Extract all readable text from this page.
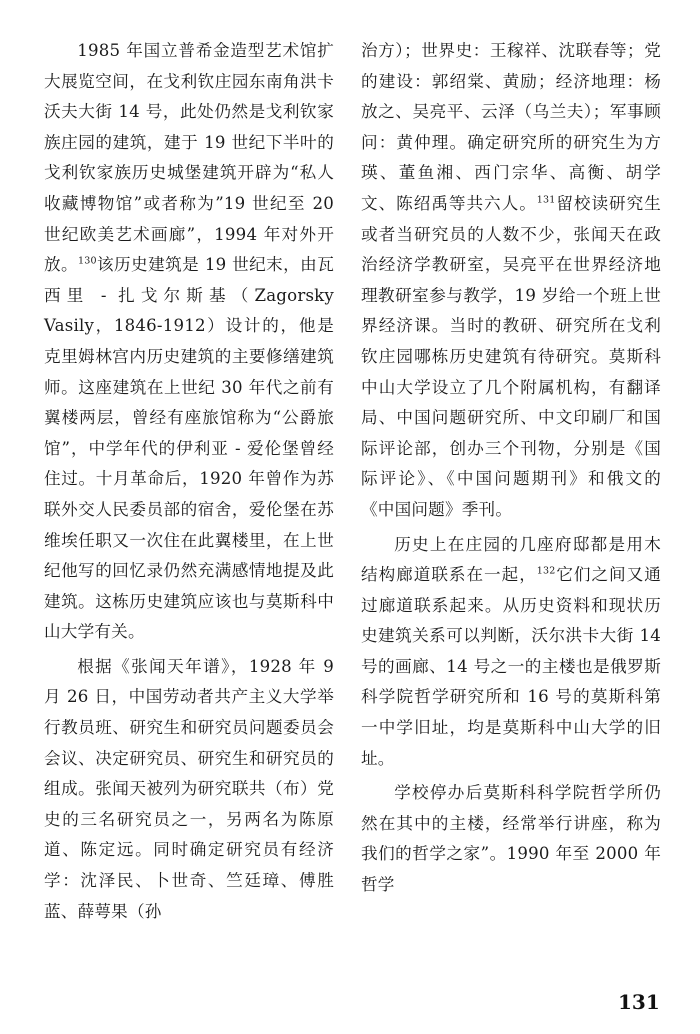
1985 年国立普希金造型艺术馆扩大展览空间，在戈利钦庄园东南角洪卡沃夫大街 14 号，此处仍然是戈利钦家族庄园的建筑，建于 19 世纪下半叶的戈利钦家族历史城堡建筑开辟为“私人收藏博物馆”或者称为”19 世纪至 20 世纪欧美艺术画廊”，1994 年对外开放。$^{130}$该历史建筑是 19 世纪末，由瓦西里 - 扎戈尔斯基（Zagorsky Vasily，1846-1912）设计的，他是克里姆林宫内历史建筑的主要修缮建筑师。这座建筑在上世纪 30 年代之前有翼楼两层，曾经有座旅馆称为“公爵旅馆”，中学年代的伊利亚 - 爱伦堡曾经住过。十月革命后，1920 年曾作为苏联外交人民委员部的宿舍，爱伦堡在苏维埃任职又一次住在此翼楼里，在上世纪他写的回忆录仍然充满感情地提及此建筑。这栋历史建筑应该也与莫斯科中山大学有关。

根据《张闻天年谱》，1928 年 9 月 26 日，中国劳动者共产主义大学举行教员班、研究生和研究员问题委员会会议、决定研究员、研究生和研究员的组成。张闻天被列为研究联共（布）党史的三名研究员之一，另两名为陈原道、陈定远。同时确定研究员有经济学：沈泽民、卜世奇、竺廷璋、傅胜蓝、薛萼果（孙

治方）；世界史：王稼祥、沈联春等；党的建设：郭绍棠、黄励；经济地理：杨放之、吴亮平、云泽（乌兰夫）；军事顾问：黄仲理。确定研究所的研究生为方瑛、董鱼湘、西门宗华、高衡、胡学文、陈绍禹等共六人。$^{131}$留校读研究生或者当研究员的人数不少，张闻天在政治经济学教研室，吴亮平在世界经济地理教研室参与教学，19 岁给一个班上世界经济课。当时的教研、研究所在戈利钦庄园哪栋历史建筑有待研究。莫斯科中山大学设立了几个附属机构，有翻译局、中国问题研究所、中文印刷厂和国际评论部，创办三个刊物，分别是《国际评论》、《中国问题期刊》和俄文的《中国问题》季刊。

历史上在庄园的几座府邸都是用木结构廊道联系在一起，$^{132}$它们之间又通过廊道联系起来。从历史资料和现状历史建筑关系可以判断，沃尔洪卡大街 14 号的画廊、14 号之一的主楼也是俄罗斯科学院哲学研究所和 16 号的莫斯科第一中学旧址，均是莫斯科中山大学的旧址。

学校停办后莫斯科科学院哲学所仍然在其中的主楼，经常举行讲座，称为我们的哲学之家”。1990 年至 2000 年哲学

131
